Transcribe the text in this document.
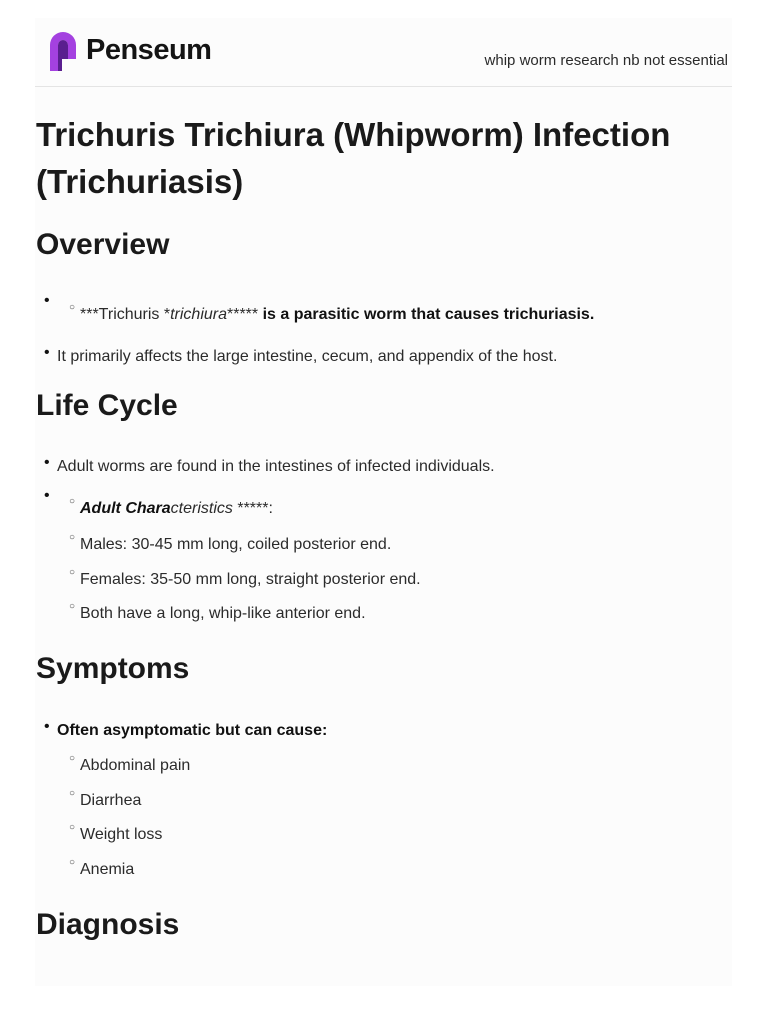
Penseum	whip worm research nb not essential
Trichuris Trichiura (Whipworm) Infection (Trichuriasis)
Overview
• ○ ***Trichuris *trichiura***** is a parasitic worm that causes trichuriasis.
• It primarily affects the large intestine, cecum, and appendix of the host.
Life Cycle
• Adult worms are found in the intestines of infected individuals.
• ○ Adult Characteristics *****:
○ Males: 30-45 mm long, coiled posterior end.
○ Females: 35-50 mm long, straight posterior end.
○ Both have a long, whip-like anterior end.
Symptoms
• Often asymptomatic but can cause:
○ Abdominal pain
○ Diarrhea
○ Weight loss
○ Anemia
Diagnosis
